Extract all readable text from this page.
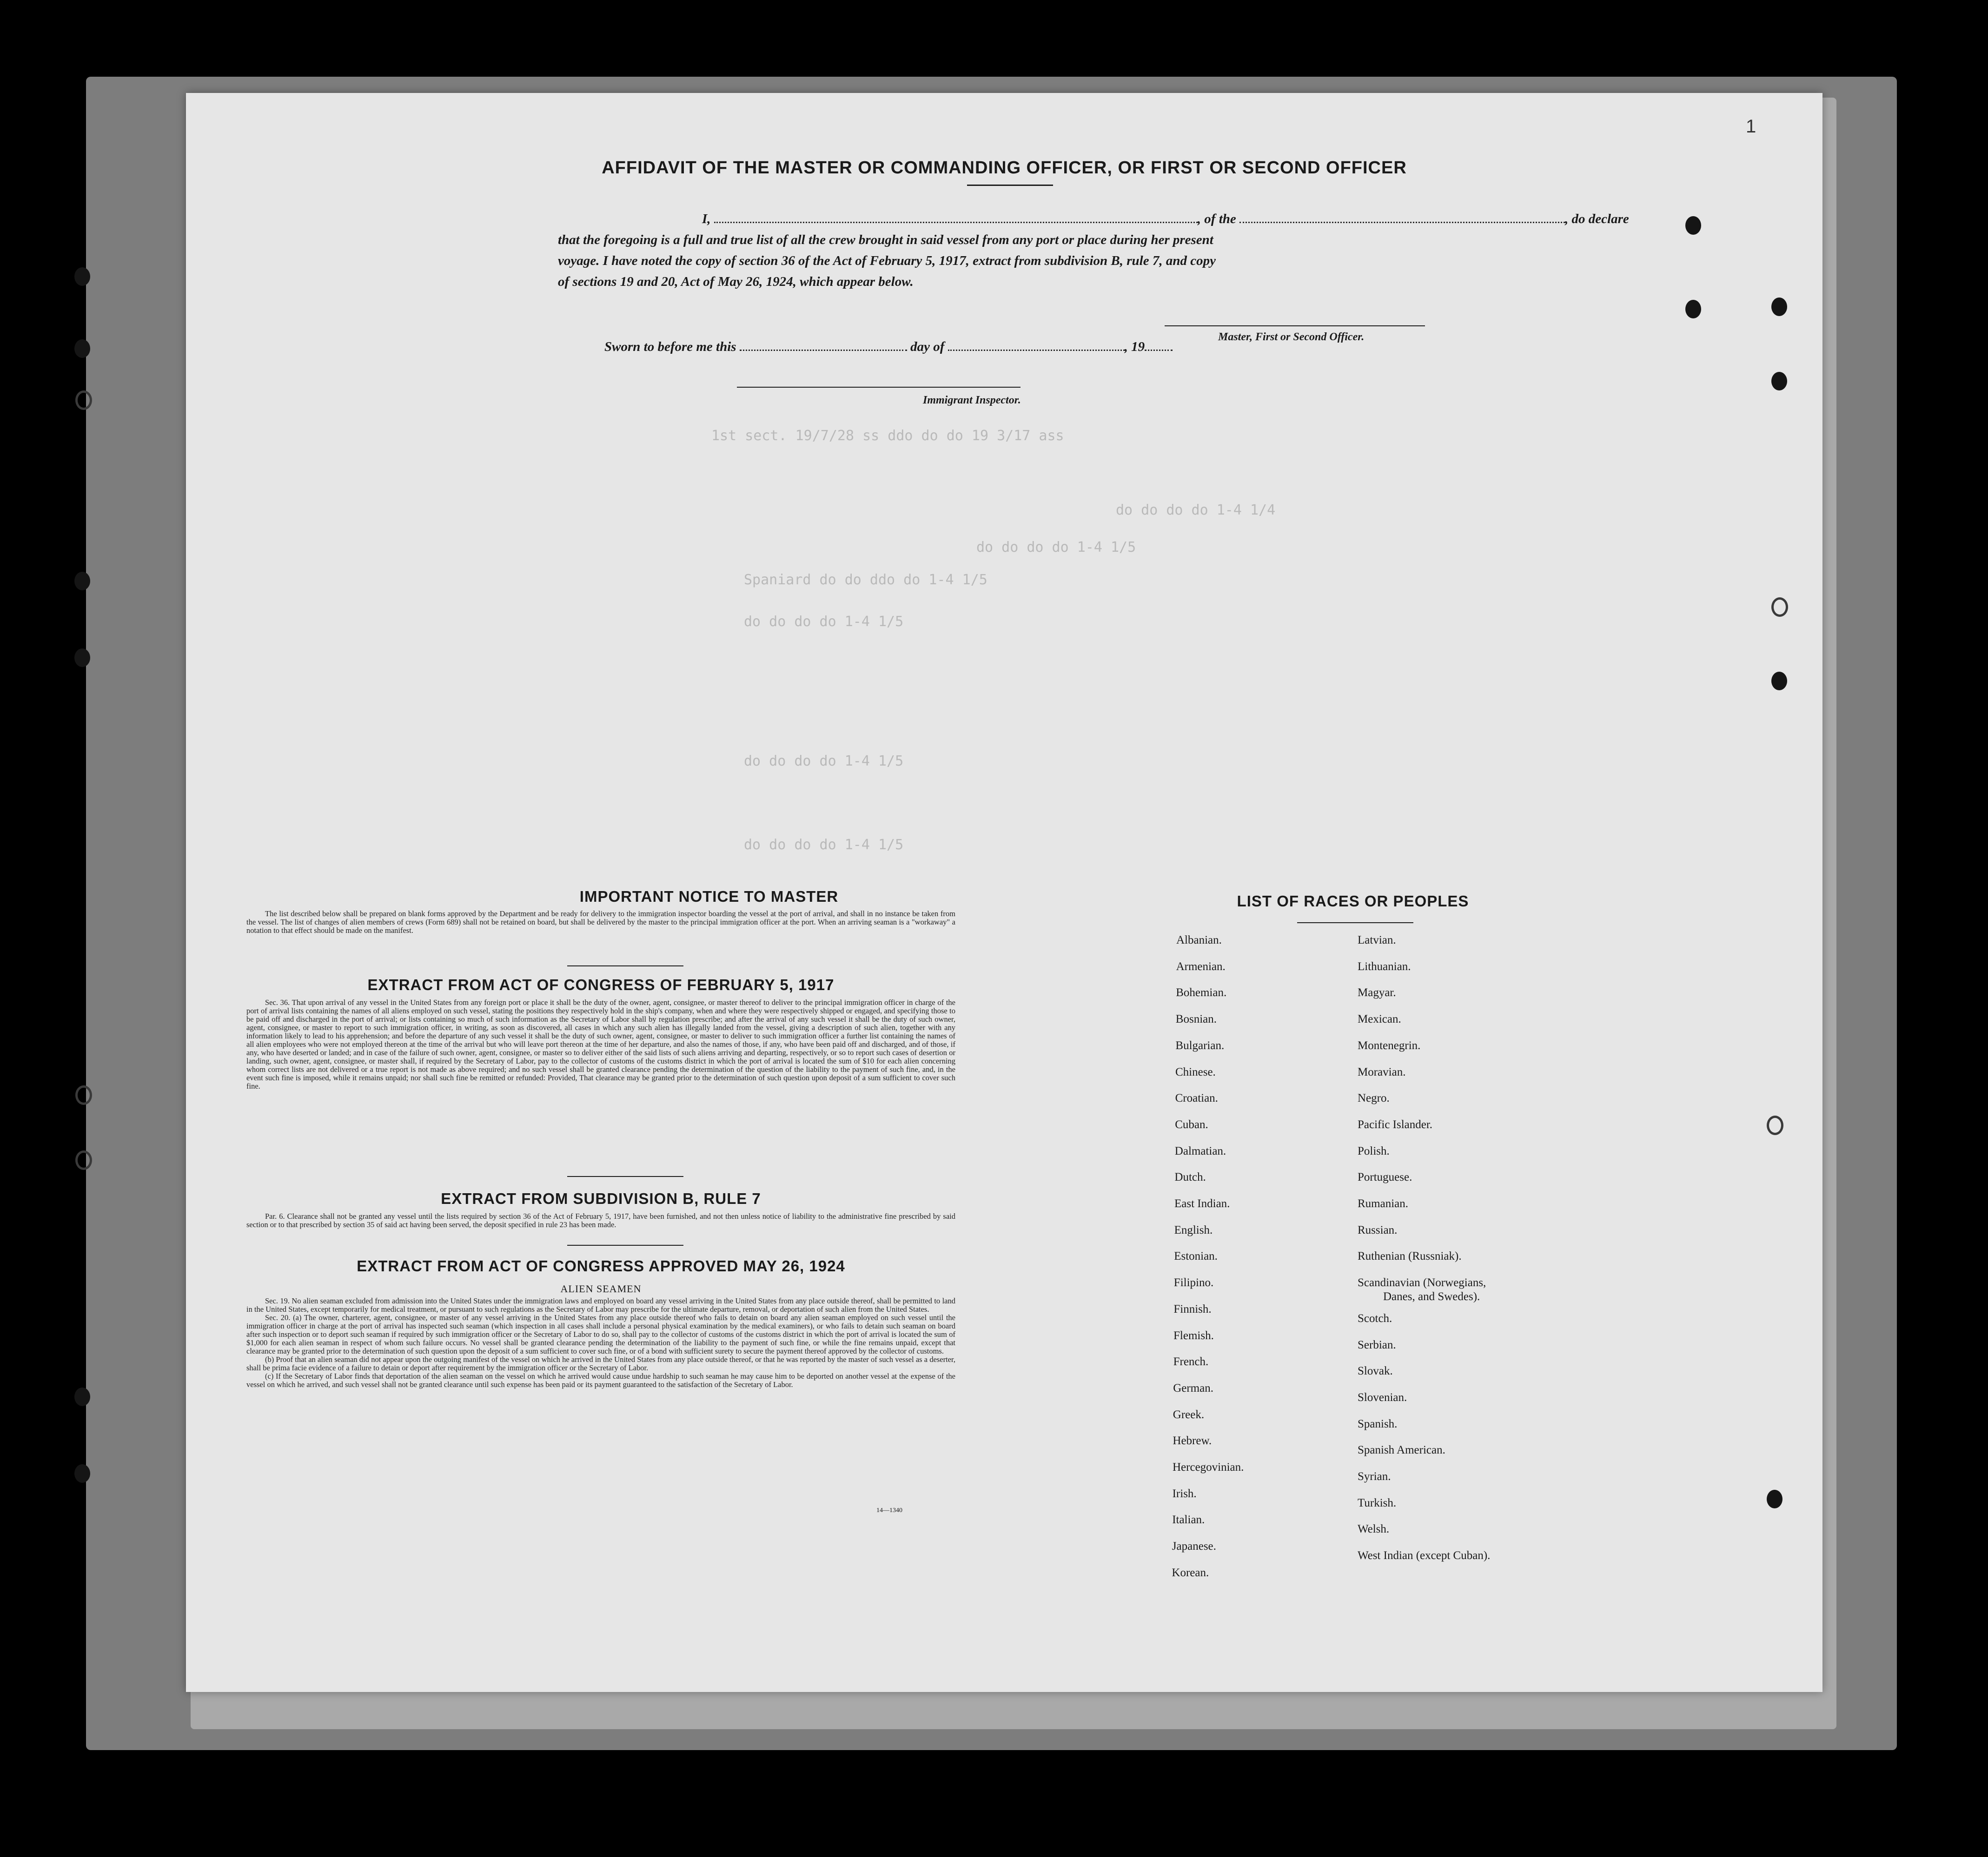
1st sect. 19/7/28 ss ddo do do 19 3/17 ass
do do do do 1-4 1/4
do do do do 1-4 1/5
Spaniard do do ddo do 1-4 1/5
do do do do 1-4 1/5
do do do do 1-4 1/5
do do do do 1-4 1/5
1
AFFIDAVIT OF THE MASTER OR COMMANDING OFFICER, OR FIRST OR SECOND OFFICER
I,	, of the	, do declare
that the foregoing is a full and true list of all the crew brought in said vessel from any port or place during her present
voyage. I have noted the copy of section 36 of the Act of February 5, 1917, extract from subdivision B, rule 7, and copy
of sections 19 and 20, Act of May 26, 1924, which appear below.
Master, First or Second Officer.
Sworn to before me this	day of	, 19
Immigrant Inspector.
IMPORTANT NOTICE TO MASTER

The list described below shall be prepared on blank forms approved by the Department and be ready for delivery to the immigration inspector boarding the vessel at the port of arrival, and shall in no instance be taken from the vessel. The list of changes of alien members of crews (Form 689) shall not be retained on board, but shall be delivered by the master to the principal immigration officer at the port. When an arriving seaman is a "workaway" a notation to that effect should be made on the manifest.

EXTRACT FROM ACT OF CONGRESS OF FEBRUARY 5, 1917

Sec. 36. That upon arrival of any vessel in the United States from any foreign port or place it shall be the duty of the owner, agent, consignee, or master thereof to deliver to the principal immigration officer in charge of the port of arrival lists containing the names of all aliens employed on such vessel, stating the positions they respectively hold in the ship's company, when and where they were respectively shipped or engaged, and specifying those to be paid off and discharged in the port of arrival; or lists containing so much of such information as the Secretary of Labor shall by regulation prescribe; and after the arrival of any such vessel it shall be the duty of such owner, agent, consignee, or master to report to such immigration officer, in writing, as soon as discovered, all cases in which any such alien has illegally landed from the vessel, giving a description of such alien, together with any information likely to lead to his apprehension; and before the departure of any such vessel it shall be the duty of such owner, agent, consignee, or master to deliver to such immigration officer a further list containing the names of all alien employees who were not employed thereon at the time of the arrival but who will leave port thereon at the time of her departure, and also the names of those, if any, who have been paid off and discharged, and of those, if any, who have deserted or landed; and in case of the failure of such owner, agent, consignee, or master so to deliver either of the said lists of such aliens arriving and departing, respectively, or so to report such cases of desertion or landing, such owner, agent, consignee, or master shall, if required by the Secretary of Labor, pay to the collector of customs of the customs district in which the port of arrival is located the sum of $10 for each alien concerning whom correct lists are not delivered or a true report is not made as above required; and no such vessel shall be granted clearance pending the determination of the question of the liability to the payment of such fine, and, in the event such fine is imposed, while it remains unpaid; nor shall such fine be remitted or refunded: Provided, That clearance may be granted prior to the determination of such question upon deposit of a sum sufficient to cover such fine.

EXTRACT FROM SUBDIVISION B, RULE 7

Par. 6. Clearance shall not be granted any vessel until the lists required by section 36 of the Act of February 5, 1917, have been furnished, and not then unless notice of liability to the administrative fine prescribed by said section or to that prescribed by section 35 of said act having been served, the deposit specified in rule 23 has been made.

EXTRACT FROM ACT OF CONGRESS APPROVED MAY 26, 1924
ALIEN SEAMEN

Sec. 19. No alien seaman excluded from admission into the United States under the immigration laws and employed on board any vessel arriving in the United States from any place outside thereof, shall be permitted to land in the United States, except temporarily for medical treatment, or pursuant to such regulations as the Secretary of Labor may prescribe for the ultimate departure, removal, or deportation of such alien from the United States.

Sec. 20. (a) The owner, charterer, agent, consignee, or master of any vessel arriving in the United States from any place outside thereof who fails to detain on board any alien seaman employed on such vessel until the immigration officer in charge at the port of arrival has inspected such seaman (which inspection in all cases shall include a personal physical examination by the medical examiners), or who fails to detain such seaman on board after such inspection or to deport such seaman if required by such immigration officer or the Secretary of Labor to do so, shall pay to the collector of customs of the customs district in which the port of arrival is located the sum of $1,000 for each alien seaman in respect of whom such failure occurs. No vessel shall be granted clearance pending the determination of the liability to the payment of such fine, or while the fine remains unpaid, except that clearance may be granted prior to the determination of such question upon the deposit of a sum sufficient to cover such fine, or of a bond with sufficient surety to secure the payment thereof approved by the collector of customs.

(b) Proof that an alien seaman did not appear upon the outgoing manifest of the vessel on which he arrived in the United States from any place outside thereof, or that he was reported by the master of such vessel as a deserter, shall be prima facie evidence of a failure to detain or deport after requirement by the immigration officer or the Secretary of Labor.

(c) If the Secretary of Labor finds that deportation of the alien seaman on the vessel on which he arrived would cause undue hardship to such seaman he may cause him to be deported on another vessel at the expense of the vessel on which he arrived, and such vessel shall not be granted clearance until such expense has been paid or its payment guaranteed to the satisfaction of the Secretary of Labor.

14—1340
LIST OF RACES OR PEOPLES
Albanian.
Armenian.
Bohemian.
Bosnian.
Bulgarian.
Chinese.
Croatian.
Cuban.
Dalmatian.
Dutch.
East Indian.
English.
Estonian.
Filipino.
Finnish.
Flemish.
French.
German.
Greek.
Hebrew.
Hercegovinian.
Irish.
Italian.
Japanese.
Korean.
Latvian.
Lithuanian.
Magyar.
Mexican.
Montenegrin.
Moravian.
Negro.
Pacific Islander.
Polish.
Portuguese.
Rumanian.
Russian.
Ruthenian (Russniak).
Scandinavian (Norwegians,
Danes, and Swedes).
Scotch.
Serbian.
Slovak.
Slovenian.
Spanish.
Spanish American.
Syrian.
Turkish.
Welsh.
West Indian (except Cuban).
